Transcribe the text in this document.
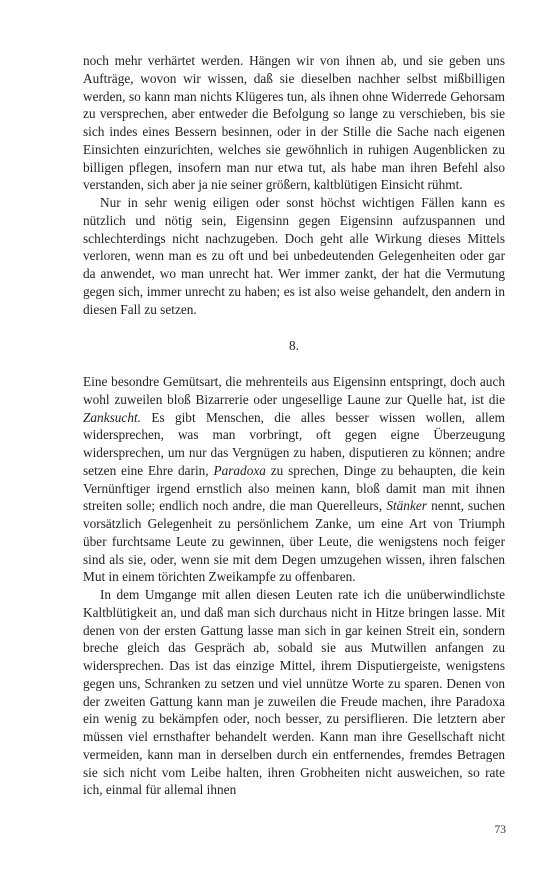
noch mehr verhärtet werden. Hängen wir von ihnen ab, und sie geben uns Aufträge, wovon wir wissen, daß sie dieselben nachher selbst mißbilligen werden, so kann man nichts Klügeres tun, als ihnen ohne Widerrede Gehorsam zu versprechen, aber entweder die Befolgung so lange zu verschieben, bis sie sich indes eines Bessern besinnen, oder in der Stille die Sache nach eigenen Einsichten einzurichten, welches sie gewöhnlich in ruhigen Augenblicken zu billigen pflegen, insofern man nur etwa tut, als habe man ihren Befehl also verstanden, sich aber ja nie seiner größern, kaltblütigen Einsicht rühmt.

Nur in sehr wenig eiligen oder sonst höchst wichtigen Fällen kann es nützlich und nötig sein, Eigensinn gegen Eigensinn aufzuspannen und schlechterdings nicht nachzugeben. Doch geht alle Wirkung dieses Mittels verloren, wenn man es zu oft und bei unbedeutenden Gelegenheiten oder gar da anwendet, wo man unrecht hat. Wer immer zankt, der hat die Vermutung gegen sich, immer unrecht zu haben; es ist also weise gehandelt, den andern in diesen Fall zu setzen.

8.

Eine besondre Gemütsart, die mehrenteils aus Eigensinn entspringt, doch auch wohl zuweilen bloß Bizarrerie oder ungesellige Laune zur Quelle hat, ist die Zanksucht. Es gibt Menschen, die alles besser wissen wollen, allem widersprechen, was man vorbringt, oft gegen eigne Überzeugung widersprechen, um nur das Vergnügen zu haben, disputieren zu können; andre setzen eine Ehre darin, Paradoxa zu sprechen, Dinge zu behaupten, die kein Vernünftiger irgend ernstlich also meinen kann, bloß damit man mit ihnen streiten solle; endlich noch andre, die man Querelleurs, Stänker nennt, suchen vorsätzlich Gelegenheit zu persönlichem Zanke, um eine Art von Triumph über furchtsame Leute zu gewinnen, über Leute, die wenigstens noch feiger sind als sie, oder, wenn sie mit dem Degen umzugehen wissen, ihren falschen Mut in einem törichten Zweikampfe zu offenbaren.

In dem Umgange mit allen diesen Leuten rate ich die unüberwindlichste Kaltblütigkeit an, und daß man sich durchaus nicht in Hitze bringen lasse. Mit denen von der ersten Gattung lasse man sich in gar keinen Streit ein, sondern breche gleich das Gespräch ab, sobald sie aus Mutwillen anfangen zu widersprechen. Das ist das einzige Mittel, ihrem Disputiergeiste, wenigstens gegen uns, Schranken zu setzen und viel unnütze Worte zu sparen. Denen von der zweiten Gattung kann man je zuweilen die Freude machen, ihre Paradoxa ein wenig zu bekämpfen oder, noch besser, zu persiflieren. Die letztern aber müssen viel ernsthafter behandelt werden. Kann man ihre Gesellschaft nicht vermeiden, kann man in derselben durch ein entfernendes, fremdes Betragen sie sich nicht vom Leibe halten, ihren Grobheiten nicht ausweichen, so rate ich, einmal für allemal ihnen

73
